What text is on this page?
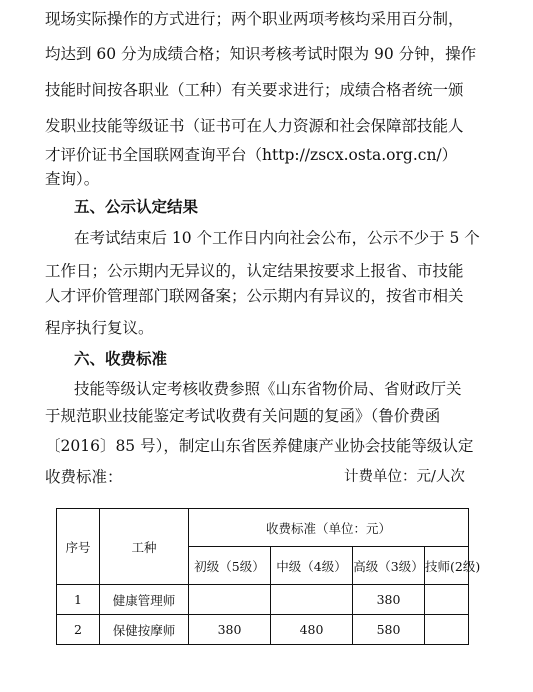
现场实际操作的方式进行；两个职业两项考核均采用百分制，
均达到 60 分为成绩合格；知识考核考试时限为 90 分钟，操作
技能时间按各职业（工种）有关要求进行；成绩合格者统一颁
发职业技能等级证书（证书可在人力资源和社会保障部技能人
才评价证书全国联网查询平台（http://zscx.osta.org.cn/）
查询）。
五、公示认定结果
在考试结束后 10 个工作日内向社会公布，公示不少于 5 个
工作日；公示期内无异议的，认定结果按要求上报省、市技能
人才评价管理部门联网备案；公示期内有异议的，按省市相关
程序执行复议。
六、收费标准
技能等级认定考核收费参照《山东省物价局、省财政厅关
于规范职业技能鉴定考试收费有关问题的复函》（鲁价费函
〔2016〕85 号），制定山东省医养健康产业协会技能等级认定
收费标准：	计费单位：元/人次
序号	工种	收费标准（单位：元）			
		初级（5级）	中级（4级）	高级（3级）	技师(2级)
1	健康管理师			380	
2	保健按摩师	380	480	580	
